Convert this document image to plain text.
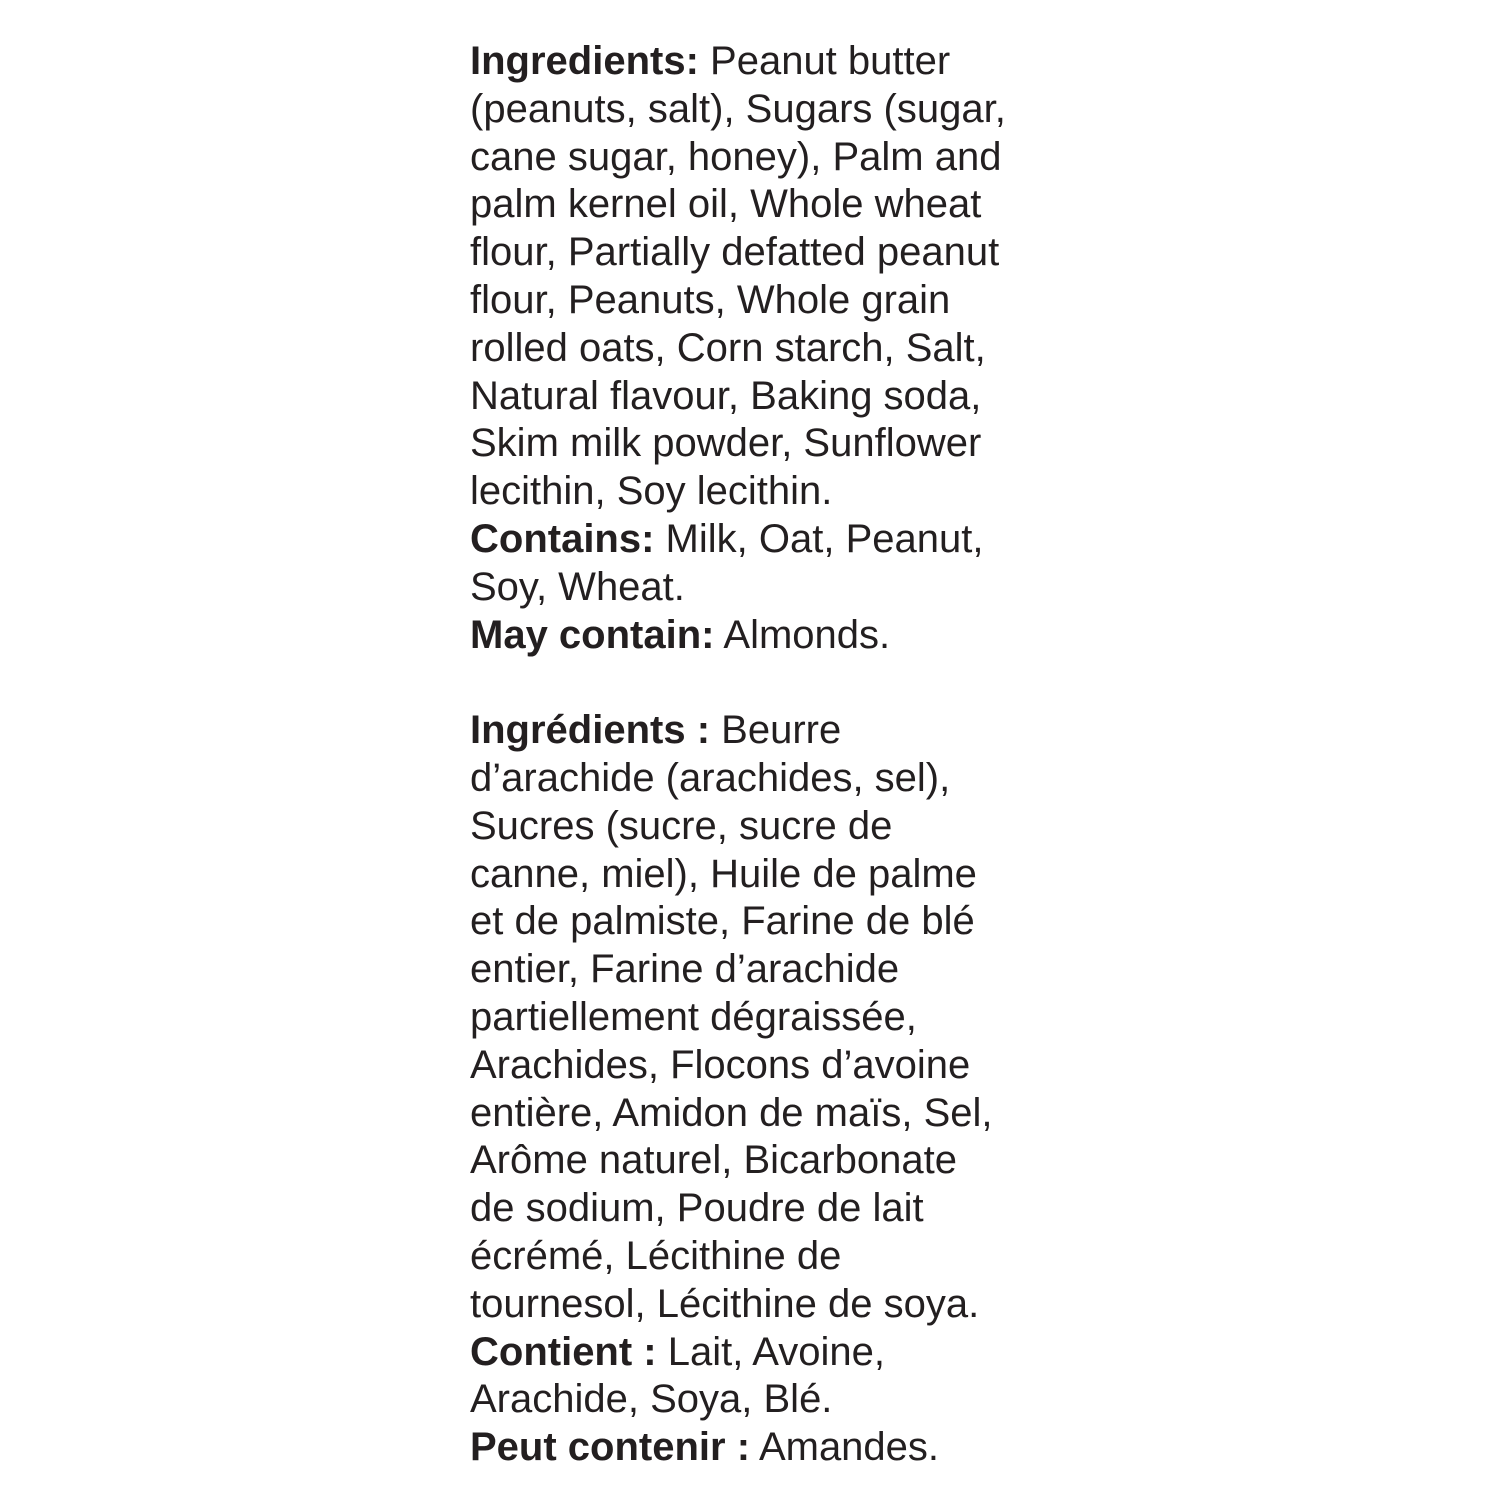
Ingredients: Peanut butter
(peanuts, salt), Sugars (sugar,
cane sugar, honey), Palm and
palm kernel oil, Whole wheat
flour, Partially defatted peanut
flour, Peanuts, Whole grain
rolled oats, Corn starch, Salt,
Natural flavour, Baking soda,
Skim milk powder, Sunflower
lecithin, Soy lecithin.
Contains: Milk, Oat, Peanut,
Soy, Wheat.
May contain: Almonds.
Ingrédients : Beurre
d’arachide (arachides, sel),
Sucres (sucre, sucre de
canne, miel), Huile de palme
et de palmiste, Farine de blé
entier, Farine d’arachide
partiellement dégraissée,
Arachides, Flocons d’avoine
entière, Amidon de maïs, Sel,
Arôme naturel, Bicarbonate
de sodium, Poudre de lait
écrémé, Lécithine de
tournesol, Lécithine de soya.
Contient : Lait, Avoine,
Arachide, Soya, Blé.
Peut contenir : Amandes.
